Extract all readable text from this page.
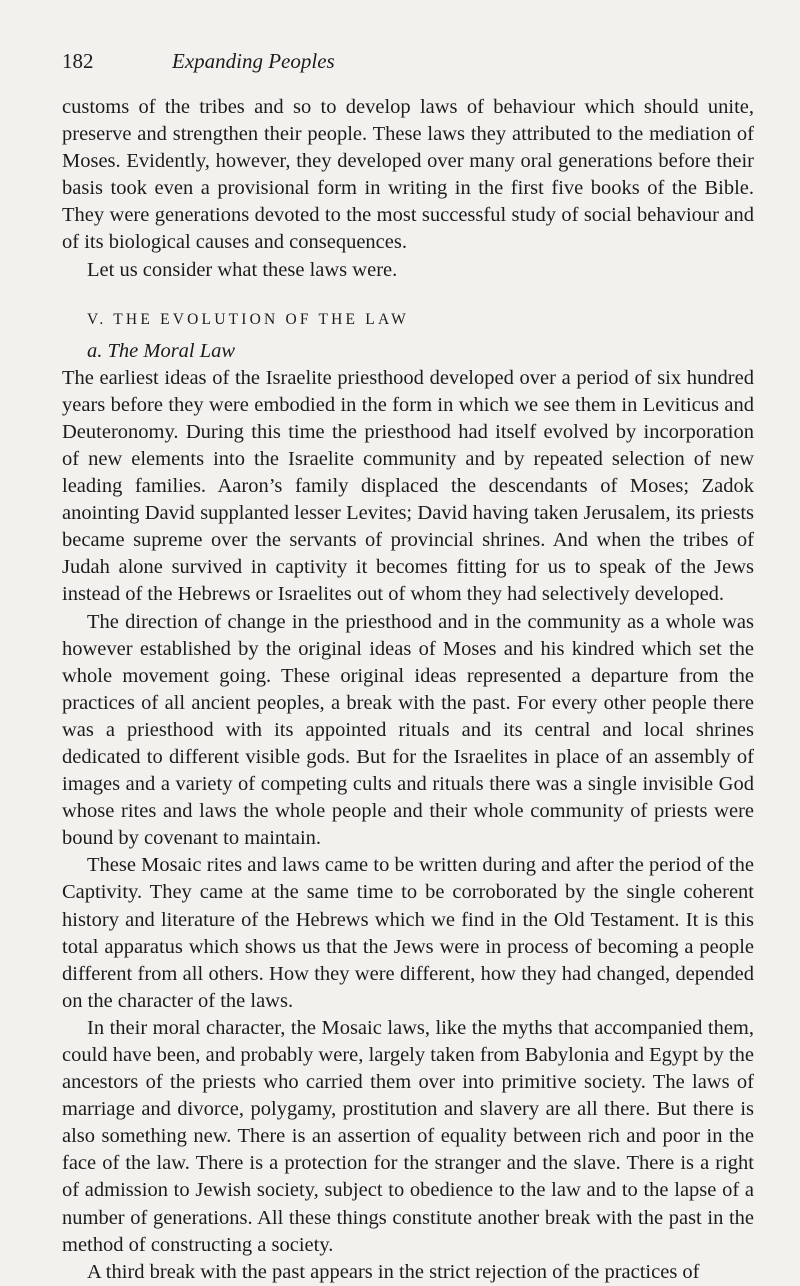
182	Expanding Peoples

customs of the tribes and so to develop laws of behaviour which should unite, preserve and strengthen their people. These laws they attributed to the mediation of Moses. Evidently, however, they developed over many oral generations before their basis took even a provisional form in writing in the first five books of the Bible. They were generations devoted to the most successful study of social behaviour and of its biological causes and consequences.

Let us consider what these laws were.

V. THE EVOLUTION OF THE LAW
a. The Moral Law

The earliest ideas of the Israelite priesthood developed over a period of six hundred years before they were embodied in the form in which we see them in Leviticus and Deuteronomy. During this time the priesthood had itself evolved by incorporation of new elements into the Israelite community and by repeated selection of new leading families. Aaron’s family displaced the descendants of Moses; Zadok anointing David supplanted lesser Levites; David having taken Jerusalem, its priests became supreme over the servants of provincial shrines. And when the tribes of Judah alone survived in captivity it becomes fitting for us to speak of the Jews instead of the Hebrews or Israelites out of whom they had selectively developed.

The direction of change in the priesthood and in the community as a whole was however established by the original ideas of Moses and his kindred which set the whole movement going. These original ideas represented a departure from the practices of all ancient peoples, a break with the past. For every other people there was a priesthood with its appointed rituals and its central and local shrines dedicated to different visible gods. But for the Israelites in place of an assembly of images and a variety of competing cults and rituals there was a single invisible God whose rites and laws the whole people and their whole community of priests were bound by covenant to maintain.

These Mosaic rites and laws came to be written during and after the period of the Captivity. They came at the same time to be corroborated by the single coherent history and literature of the Hebrews which we find in the Old Testament. It is this total apparatus which shows us that the Jews were in process of becoming a people different from all others. How they were different, how they had changed, depended on the character of the laws.

In their moral character, the Mosaic laws, like the myths that accompanied them, could have been, and probably were, largely taken from Babylonia and Egypt by the ancestors of the priests who carried them over into primitive society. The laws of marriage and divorce, polygamy, prostitution and slavery are all there. But there is also something new. There is an assertion of equality between rich and poor in the face of the law. There is a protection for the stranger and the slave. There is a right of admission to Jewish society, subject to obedience to the law and to the lapse of a number of generations. All these things constitute another break with the past in the method of constructing a society.

A third break with the past appears in the strict rejection of the practices of
